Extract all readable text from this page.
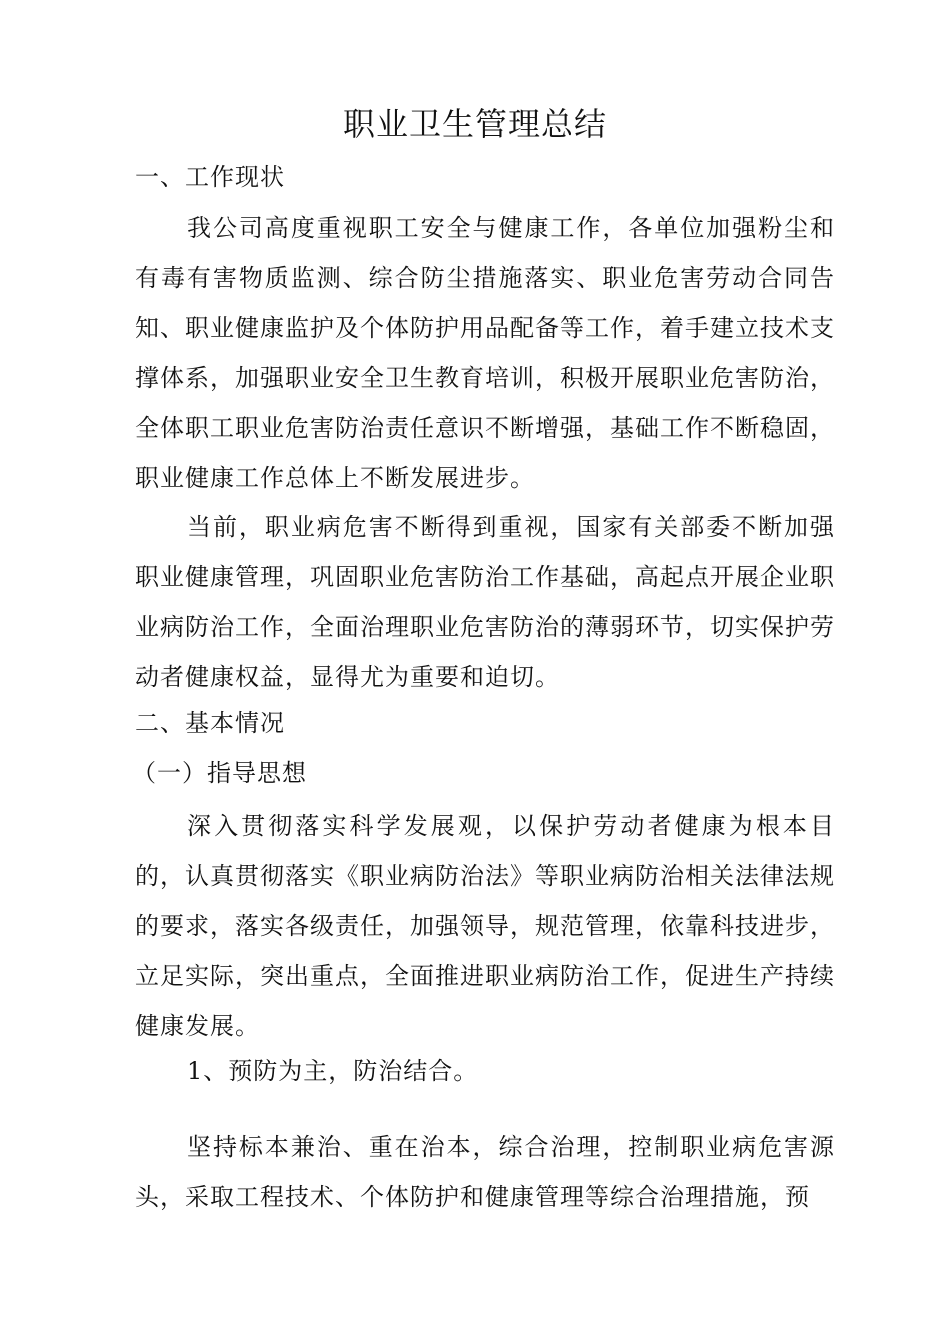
职业卫生管理总结
一、工作现状

我公司高度重视职工安全与健康工作，各单位加强粉尘和有毒有害物质监测、综合防尘措施落实、职业危害劳动合同告知、职业健康监护及个体防护用品配备等工作，着手建立技术支撑体系，加强职业安全卫生教育培训，积极开展职业危害防治，全体职工职业危害防治责任意识不断增强，基础工作不断稳固，职业健康工作总体上不断发展进步。

当前，职业病危害不断得到重视，国家有关部委不断加强职业健康管理，巩固职业危害防治工作基础，高起点开展企业职业病防治工作，全面治理职业危害防治的薄弱环节，切实保护劳动者健康权益，显得尤为重要和迫切。

二、基本情况
（一）指导思想

深入贯彻落实科学发展观，以保护劳动者健康为根本目的，认真贯彻落实《职业病防治法》等职业病防治相关法律法规的要求，落实各级责任，加强领导，规范管理，依靠科技进步，立足实际，突出重点，全面推进职业病防治工作，促进生产持续健康发展。

1、预防为主，防治结合。

坚持标本兼治、重在治本，综合治理，控制职业病危害源头，采取工程技术、个体防护和健康管理等综合治理措施，预
